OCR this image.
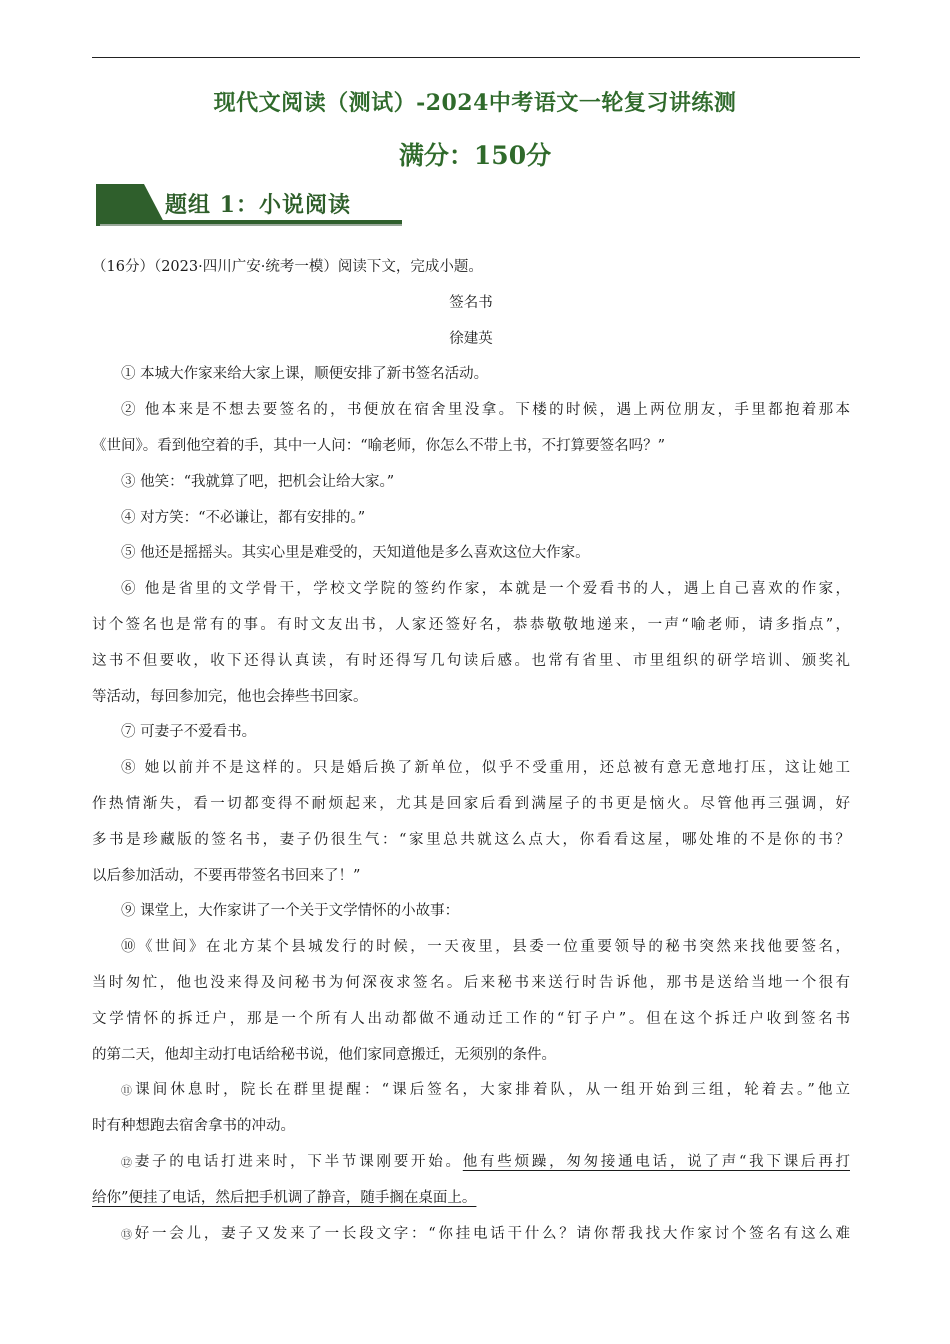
现代文阅读（测试）-2024中考语文一轮复习讲练测
满分：150分
题组 1：小说阅读
（16分）（2023·四川广安·统考一模）阅读下文，完成小题。
签名书
徐建英
① 本城大作家来给大家上课，顺便安排了新书签名活动。
② 他本来是不想去要签名的，书便放在宿舍里没拿。下楼的时候，遇上两位朋友，手里都抱着那本
《世间》。看到他空着的手，其中一人问：“喻老师，你怎么不带上书，不打算要签名吗？”
③ 他笑：“我就算了吧，把机会让给大家。”
④ 对方笑：“不必谦让，都有安排的。”
⑤ 他还是摇摇头。其实心里是难受的，天知道他是多么喜欢这位大作家。
⑥ 他是省里的文学骨干，学校文学院的签约作家，本就是一个爱看书的人，遇上自己喜欢的作家，
讨个签名也是常有的事。有时文友出书，人家还签好名，恭恭敬敬地递来，一声“喻老师，请多指点”，
这书不但要收，收下还得认真读，有时还得写几句读后感。也常有省里、市里组织的研学培训、颁奖礼
等活动，每回参加完，他也会捧些书回家。
⑦ 可妻子不爱看书。
⑧ 她以前并不是这样的。只是婚后换了新单位，似乎不受重用，还总被有意无意地打压，这让她工
作热情渐失，看一切都变得不耐烦起来，尤其是回家后看到满屋子的书更是恼火。尽管他再三强调，好
多书是珍藏版的签名书，妻子仍很生气：“家里总共就这么点大，你看看这屋，哪处堆的不是你的书？
以后参加活动，不要再带签名书回来了！”
⑨ 课堂上，大作家讲了一个关于文学情怀的小故事：
⑩《世间》在北方某个县城发行的时候，一天夜里，县委一位重要领导的秘书突然来找他要签名，
当时匆忙，他也没来得及问秘书为何深夜求签名。后来秘书来送行时告诉他，那书是送给当地一个很有
文学情怀的拆迁户，那是一个所有人出动都做不通动迁工作的“钉子户”。但在这个拆迁户收到签名书
的第二天，他却主动打电话给秘书说，他们家同意搬迁，无须别的条件。
⑪课间休息时，院长在群里提醒：“课后签名，大家排着队，从一组开始到三组，轮着去。”他立
时有种想跑去宿舍拿书的冲动。
⑫妻子的电话打进来时，下半节课刚要开始。他有些烦躁，匆匆接通电话，说了声“我下课后再打
给你”便挂了电话，然后把手机调了静音，随手搁在桌面上。
⑬好一会儿，妻子又发来了一长段文字：“你挂电话干什么？请你帮我找大作家讨个签名有这么难
